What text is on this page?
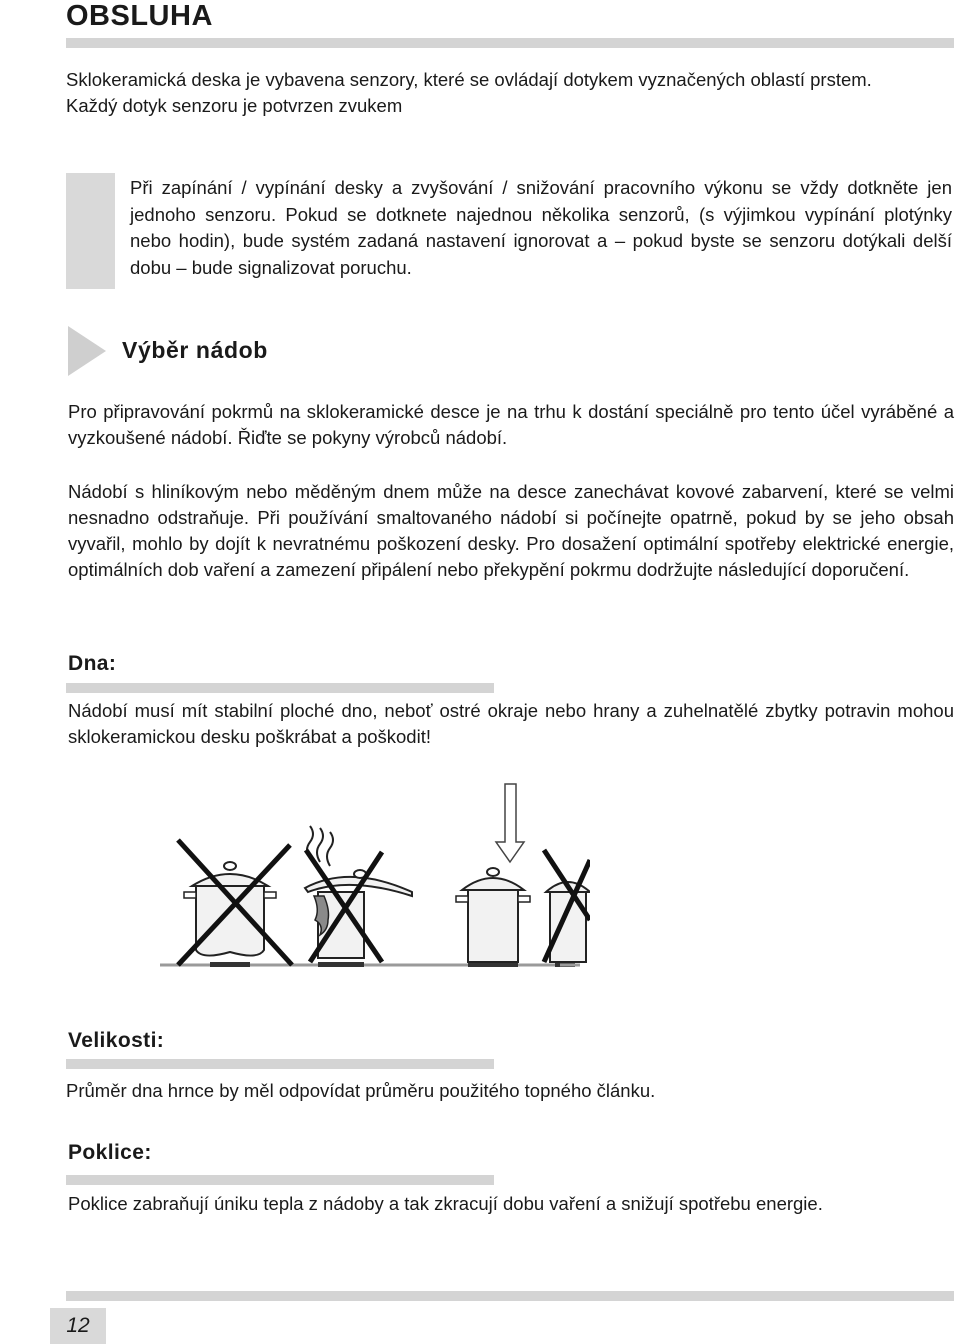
OBSLUHA
Sklokeramická deska je vybavena senzory, které se ovládají dotykem vyznačených oblastí prstem.
Každý dotyk senzoru je potvrzen zvukem
Při zapínání / vypínání desky a zvyšování / snižování pracovního výkonu se vždy dotkněte jen jednoho senzoru. Pokud se dotknete najednou několika senzorů, (s výjimkou vypínání plotýnky nebo hodin), bude systém zadaná nastavení ignorovat a – pokud byste se senzoru dotýkali delší dobu – bude signalizovat poruchu.
Výběr nádob
Pro připravování pokrmů na sklokeramické desce je na trhu k dostání speciálně pro tento účel vyráběné a vyzkoušené nádobí. Řiďte se pokyny výrobců nádobí.
Nádobí s hliníkovým nebo měděným dnem může na desce zanechávat kovové zabarvení, které se velmi nesnadno odstraňuje. Při používání smaltovaného nádobí si počínejte opatrně, pokud by se jeho obsah vyvařil, mohlo by dojít k nevratnému poškození desky. Pro dosažení optimální spotřeby elektrické energie, optimálních dob vaření a zamezení připálení nebo překypění pokrmu dodržujte následující doporučení.
Dna:
Nádobí musí mít stabilní ploché dno, neboť ostré okraje nebo hrany a zuhelnatělé zbytky potravin mohou sklokeramickou desku poškrábat a poškodit!
Velikosti:
Průměr dna hrnce by měl odpovídat průměru použitého topného článku.
Poklice:
Poklice zabraňují úniku tepla z nádoby a tak zkracují dobu vaření a snižují spotřebu energie.
12
